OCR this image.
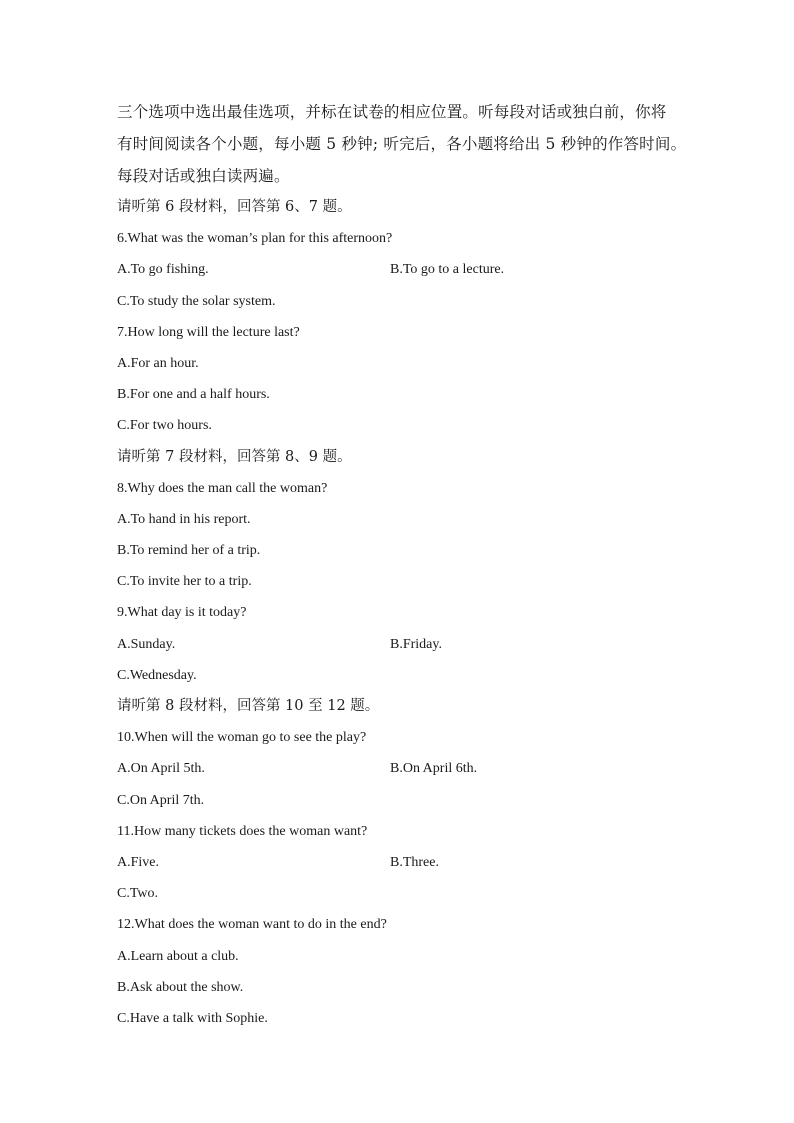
三个选项中选出最佳选项，并标在试卷的相应位置。听每段对话或独白前，你将
有时间阅读各个小题，每小题 5 秒钟; 听完后，各小题将给出 5 秒钟的作答时间。
每段对话或独白读两遍。
请听第 6 段材料，回答第 6、7 题。
6.What was the woman’s plan for this afternoon?
A.To go fishing.	B.To go to a lecture.
C.To study the solar system.
7.How long will the lecture last?
A.For an hour.
B.For one and a half hours.
C.For two hours.
请听第 7 段材料，回答第 8、9 题。
8.Why does the man call the woman?
A.To hand in his report.
B.To remind her of a trip.
C.To invite her to a trip.
9.What day is it today?
A.Sunday.	B.Friday.
C.Wednesday.
请听第 8 段材料，回答第 10 至 12 题。
10.When will the woman go to see the play?
A.On April 5th.	B.On April 6th.
C.On April 7th.
11.How many tickets does the woman want?
A.Five.	B.Three.
C.Two.
12.What does the woman want to do in the end?
A.Learn about a club.
B.Ask about the show.
C.Have a talk with Sophie.
